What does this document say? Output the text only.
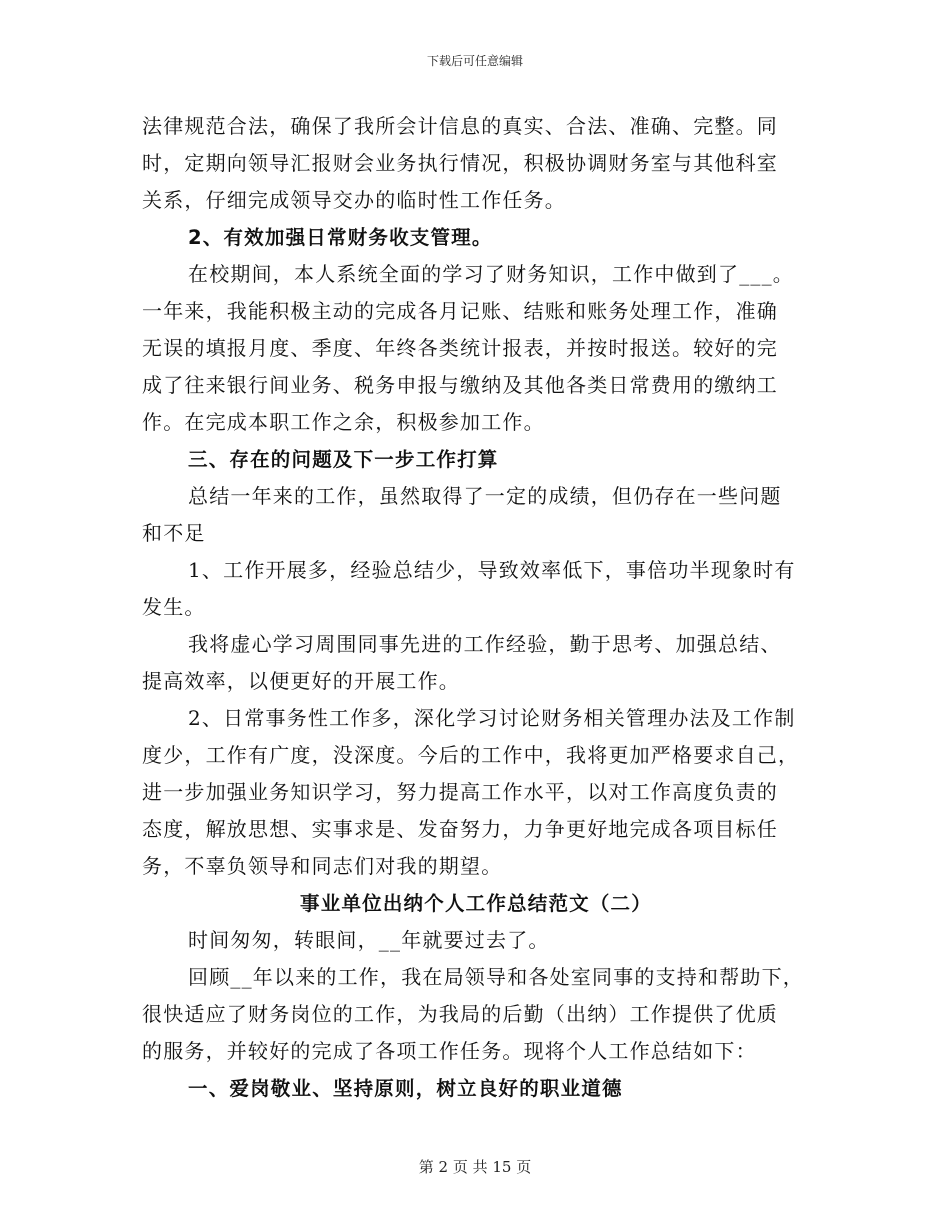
下载后可任意编辑
法律规范合法，确保了我所会计信息的真实、合法、准确、完整。同
时，定期向领导汇报财会业务执行情况，积极协调财务室与其他科室
关系，仔细完成领导交办的临时性工作任务。
2、有效加强日常财务收支管理。
在校期间，本人系统全面的学习了财务知识，工作中做到了___。
一年来，我能积极主动的完成各月记账、结账和账务处理工作，准确
无误的填报月度、季度、年终各类统计报表，并按时报送。较好的完
成了往来银行间业务、税务申报与缴纳及其他各类日常费用的缴纳工
作。在完成本职工作之余，积极参加工作。
三、存在的问题及下一步工作打算
总结一年来的工作，虽然取得了一定的成绩，但仍存在一些问题
和不足
1、工作开展多，经验总结少，导致效率低下，事倍功半现象时有
发生。
我将虚心学习周围同事先进的工作经验，勤于思考、加强总结、
提高效率，以便更好的开展工作。
2、日常事务性工作多，深化学习讨论财务相关管理办法及工作制
度少，工作有广度，没深度。今后的工作中，我将更加严格要求自己，
进一步加强业务知识学习，努力提高工作水平，以对工作高度负责的
态度，解放思想、实事求是、发奋努力，力争更好地完成各项目标任
务，不辜负领导和同志们对我的期望。
事业单位出纳个人工作总结范文（二）
时间匆匆，转眼间，__年就要过去了。
回顾__年以来的工作，我在局领导和各处室同事的支持和帮助下，
很快适应了财务岗位的工作，为我局的后勤（出纳）工作提供了优质
的服务，并较好的完成了各项工作任务。现将个人工作总结如下：
一、爱岗敬业、坚持原则，树立良好的职业道德
第 2 页 共 15 页
